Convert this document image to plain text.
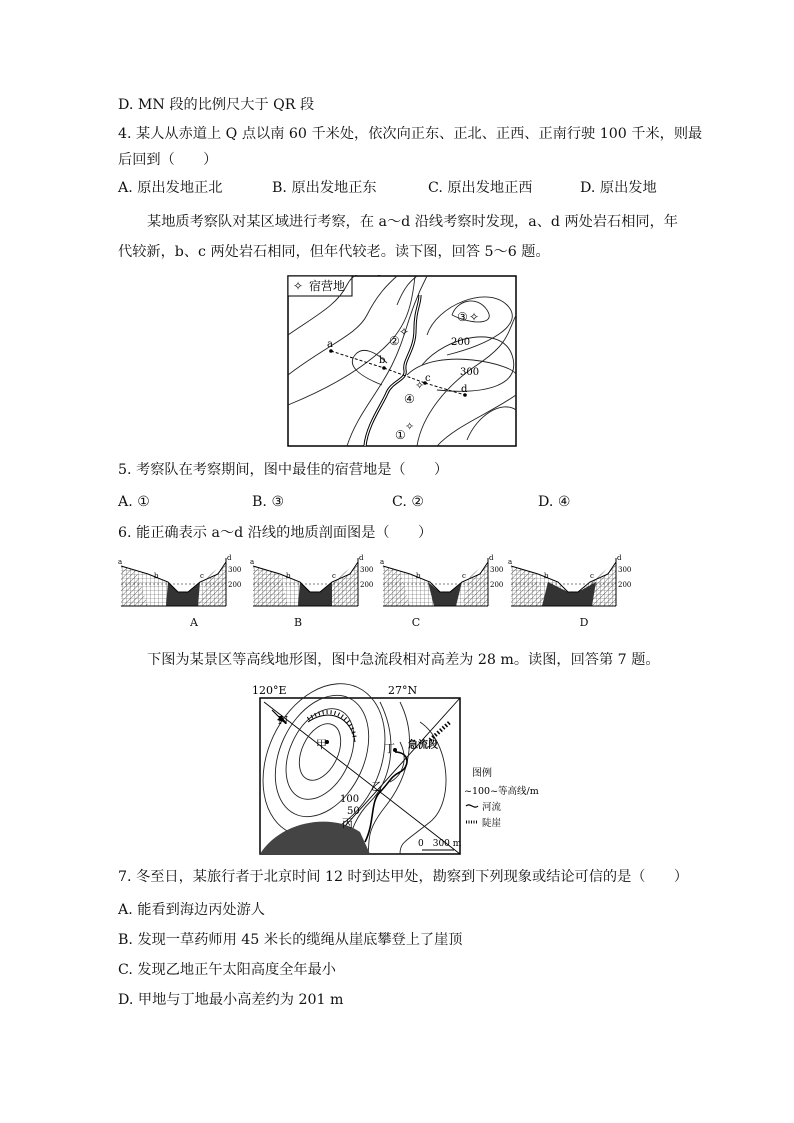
D. MN 段的比例尺大于 QR 段
4. 某人从赤道上 Q 点以南 60 千米处，依次向正东、正北、正西、正南行驶 100 千米，则最
后回到（　　）
A. 原出发地正北	B. 原出发地正东	C. 原出发地正西	D. 原出发地
某地质考察队对某区域进行考察，在 a～d 沿线考察时发现，a、d 两处岩石相同，年
代较新，b、c 两处岩石相同，但年代较老。读下图，回答 5～6 题。
✧ 宿营地
a
b
c
d
200
300
②
✧
③ ✧
④
✧
①
✧
5. 考察队在考察期间，图中最佳的宿营地是（　　）
A. ①	B. ③	C. ②	D. ④
6. 能正确表示 a～d 沿线的地质剖面图是（　　）
a
b	c
d
300
200
a
b	c
d
300
200
a
b	c
d
300
200
a
b	c
d
300
200
A	B	C	D
下图为某景区等高线地形图，图中急流段相对高差为 28 m。读图，回答第 7 题。
120°E	27°N
N
甲
乙
丙
丁 急流段
100
50
0　300 m
图例
~100~等高线/m
河流
陡崖
7. 冬至日，某旅行者于北京时间 12 时到达甲处，勘察到下列现象或结论可信的是（　　）
A. 能看到海边丙处游人
B. 发现一草药师用 45 米长的缆绳从崖底攀登上了崖顶
C. 发现乙地正午太阳高度全年最小
D. 甲地与丁地最小高差约为 201 m
